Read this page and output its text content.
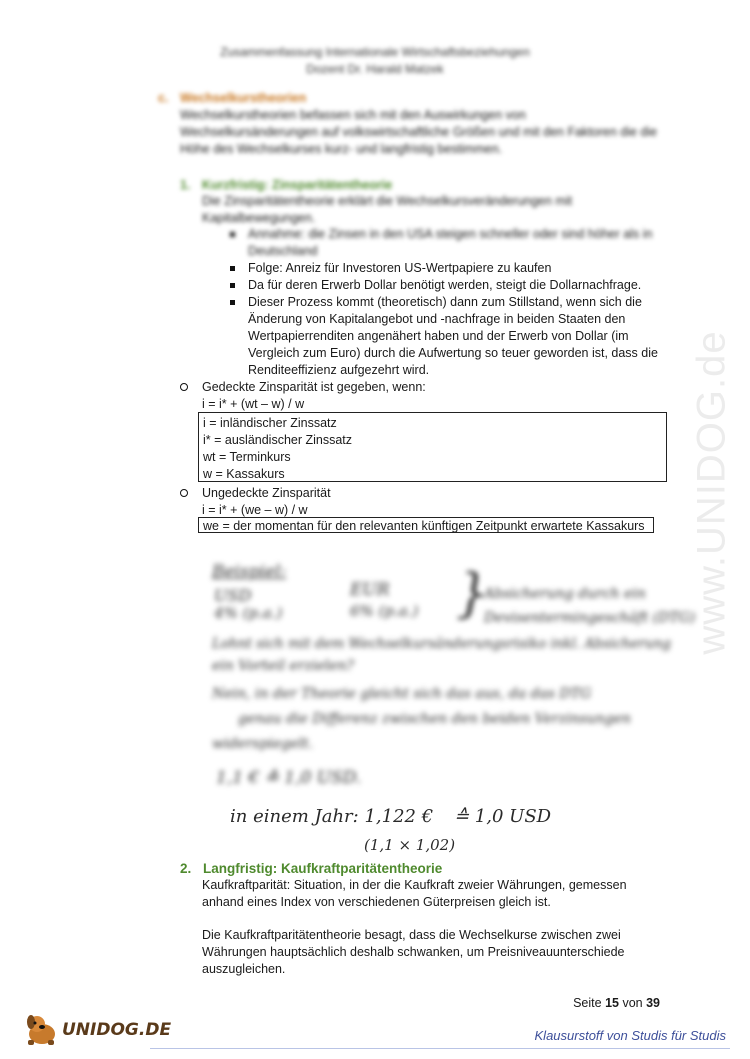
Zusammenfassung Internationale Wirtschaftsbeziehungen
Dozent Dr. Harald Matzek
c. Wechselkurstheorien
Wechselkurstheorien befassen sich mit den Auswirkungen von Wechselkursänderungen auf volkswirtschaftliche Größen und mit den Faktoren die die Höhe des Wechselkurses kurz- und langfristig bestimmen.
1. Kurzfristig: Zinsparitätentheorie
Die Zinsparitätentheorie erklärt die Wechselkursveränderungen mit Kapitalbewegungen.
Annahme: die Zinsen in den USA steigen schneller oder sind höher als in Deutschland
Folge: Anreiz für Investoren US-Wertpapiere zu kaufen
Da für deren Erwerb Dollar benötigt werden, steigt die Dollarnachfrage.
Dieser Prozess kommt (theoretisch) dann zum Stillstand, wenn sich die Änderung von Kapitalangebot und -nachfrage in beiden Staaten den Wertpapierrenditen angenähert haben und der Erwerb von Dollar (im Vergleich zum Euro) durch die Aufwertung so teuer geworden ist, dass die Renditeeffizienz aufgezehrt wird.
Gedeckte Zinsparität ist gegeben, wenn:
i = i* + (wt – w) / w
i = inländischer Zinssatz
i* = ausländischer Zinssatz
wt = Terminkurs
w = Kassakurs
Ungedeckte Zinsparität
i = i* + (we – w) / w
we = der momentan für den relevanten künftigen Zeitpunkt erwartete Kassakurs
Beispiel:
USD
4% (p.a.)
EUR
6% (p.a.) }
Absicherung durch ein
Devisentermingeschäft (DTG)
Lohnt sich mit dem Wechselkursänderungsrisiko inkl. Absicherung
ein Vorteil erzielen?
Nein, in der Theorie gleicht sich das aus, da das DTG
genau die Differenz zwischen den beiden Verzinsungen
widerspiegelt.
1,1 € ≙ 1,0 USD.
in einem Jahr: 1,122 € ≙ 1,0 USD
(1,1 × 1,02)
2. Langfristig: Kaufkraftparitätentheorie
Kaufkraftparität: Situation, in der die Kaufkraft zweier Währungen, gemessen anhand eines Index von verschiedenen Güterpreisen gleich ist.
Die Kaufkraftparitätentheorie besagt, dass die Wechselkurse zwischen zwei Währungen hauptsächlich deshalb schwanken, um Preisniveauunterschiede auszugleichen.
Seite 15 von 39
UNIDOG.DE	Klausurstoff von Studis für Studis
www.UNIDOG.de
